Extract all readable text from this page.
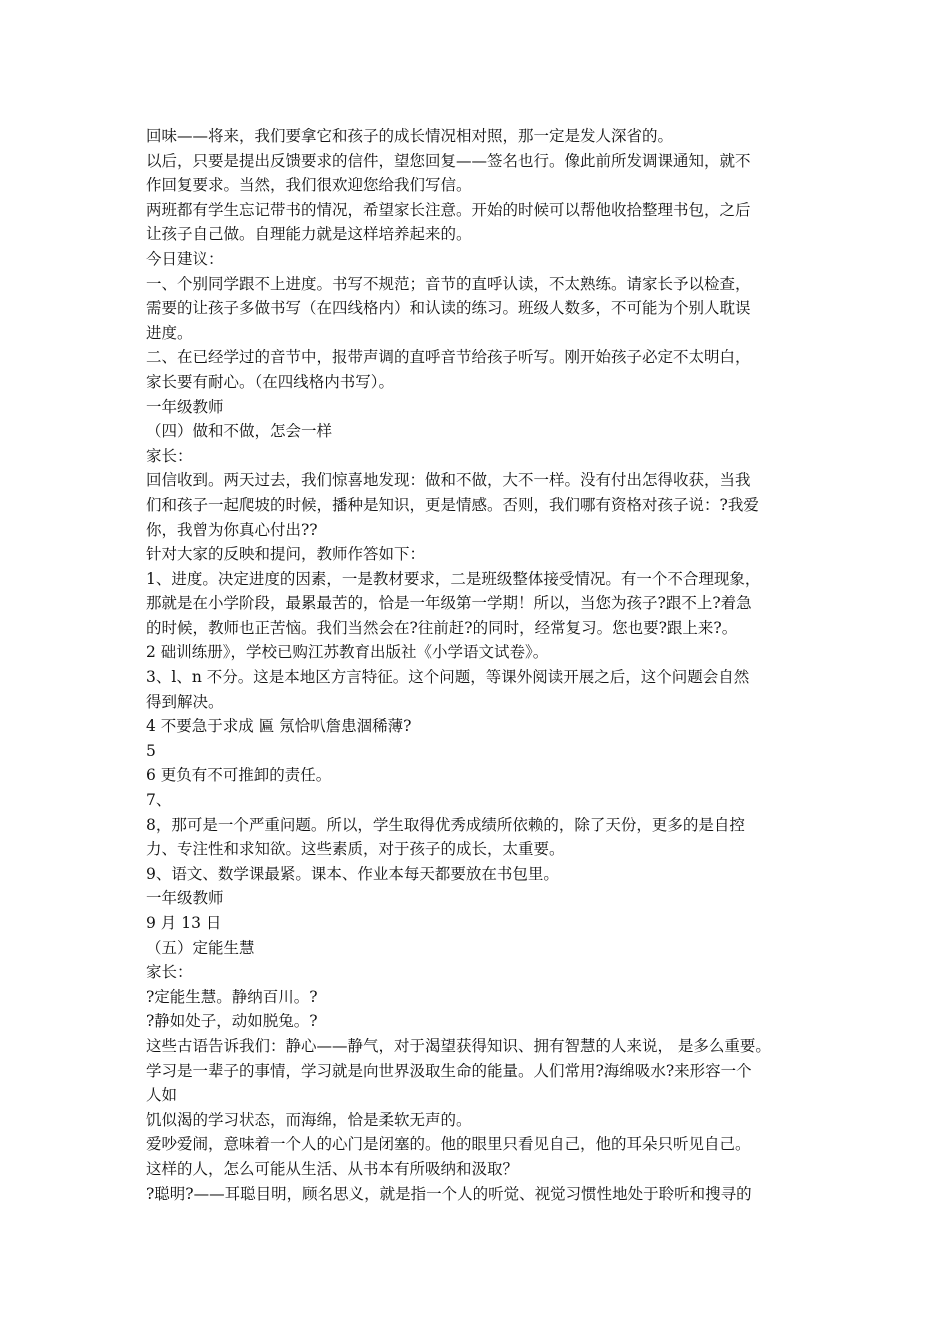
回味——将来，我们要拿它和孩子的成长情况相对照，那一定是发人深省的。
以后，只要是提出反馈要求的信件，望您回复——签名也行。像此前所发调课通知，就不
作回复要求。当然，我们很欢迎您给我们写信。
两班都有学生忘记带书的情况，希望家长注意。开始的时候可以帮他收拾整理书包，之后
让孩子自己做。自理能力就是这样培养起来的。
今日建议：
一、个别同学跟不上进度。书写不规范；音节的直呼认读，不太熟练。请家长予以检查，
需要的让孩子多做书写（在四线格内）和认读的练习。班级人数多，不可能为个别人耽误
进度。
二、在已经学过的音节中，报带声调的直呼音节给孩子听写。刚开始孩子必定不太明白，
家长要有耐心。（在四线格内书写）。
一年级教师
（四）做和不做，怎会一样
家长：
回信收到。两天过去，我们惊喜地发现：做和不做，大不一样。没有付出怎得收获，当我
们和孩子一起爬坡的时候，播种是知识，更是情感。否则，我们哪有资格对孩子说：?我爱
你，我曾为你真心付出??
针对大家的反映和提问，教师作答如下：
1、进度。决定进度的因素，一是教材要求，二是班级整体接受情况。有一个不合理现象，
那就是在小学阶段，最累最苦的，恰是一年级第一学期！所以，当您为孩子?跟不上?着急
的时候，教师也正苦恼。我们当然会在?往前赶?的同时，经常复习。您也要?跟上来?。
2 础训练册》，学校已购江苏教育出版社《小学语文试卷》。
3、l、n 不分。这是本地区方言特征。这个问题，等课外阅读开展之后，这个问题会自然
得到解决。
4 不要急于求成 匾 氖恰叭詹患涸稀薄?
5
6 更负有不可推卸的责任。
7、
8，那可是一个严重问题。所以，学生取得优秀成绩所依赖的，除了天份，更多的是自控
力、专注性和求知欲。这些素质，对于孩子的成长，太重要。
9、语文、数学课最紧。课本、作业本每天都要放在书包里。
一年级教师
9 月 13 日
（五）定能生慧
家长：
?定能生慧。静纳百川。?
?静如处子，动如脱兔。?
这些古语告诉我们：静心——静气，对于渴望获得知识、拥有智慧的人来说， 是多么重要。
学习是一辈子的事情，学习就是向世界汲取生命的能量。人们常用?海绵吸水?来形容一个
人如
饥似渴的学习状态，而海绵，恰是柔软无声的。
爱吵爱闹，意味着一个人的心门是闭塞的。他的眼里只看见自己，他的耳朵只听见自己。
这样的人，怎么可能从生活、从书本有所吸纳和汲取？
?聪明?——耳聪目明，顾名思义，就是指一个人的听觉、视觉习惯性地处于聆听和搜寻的
